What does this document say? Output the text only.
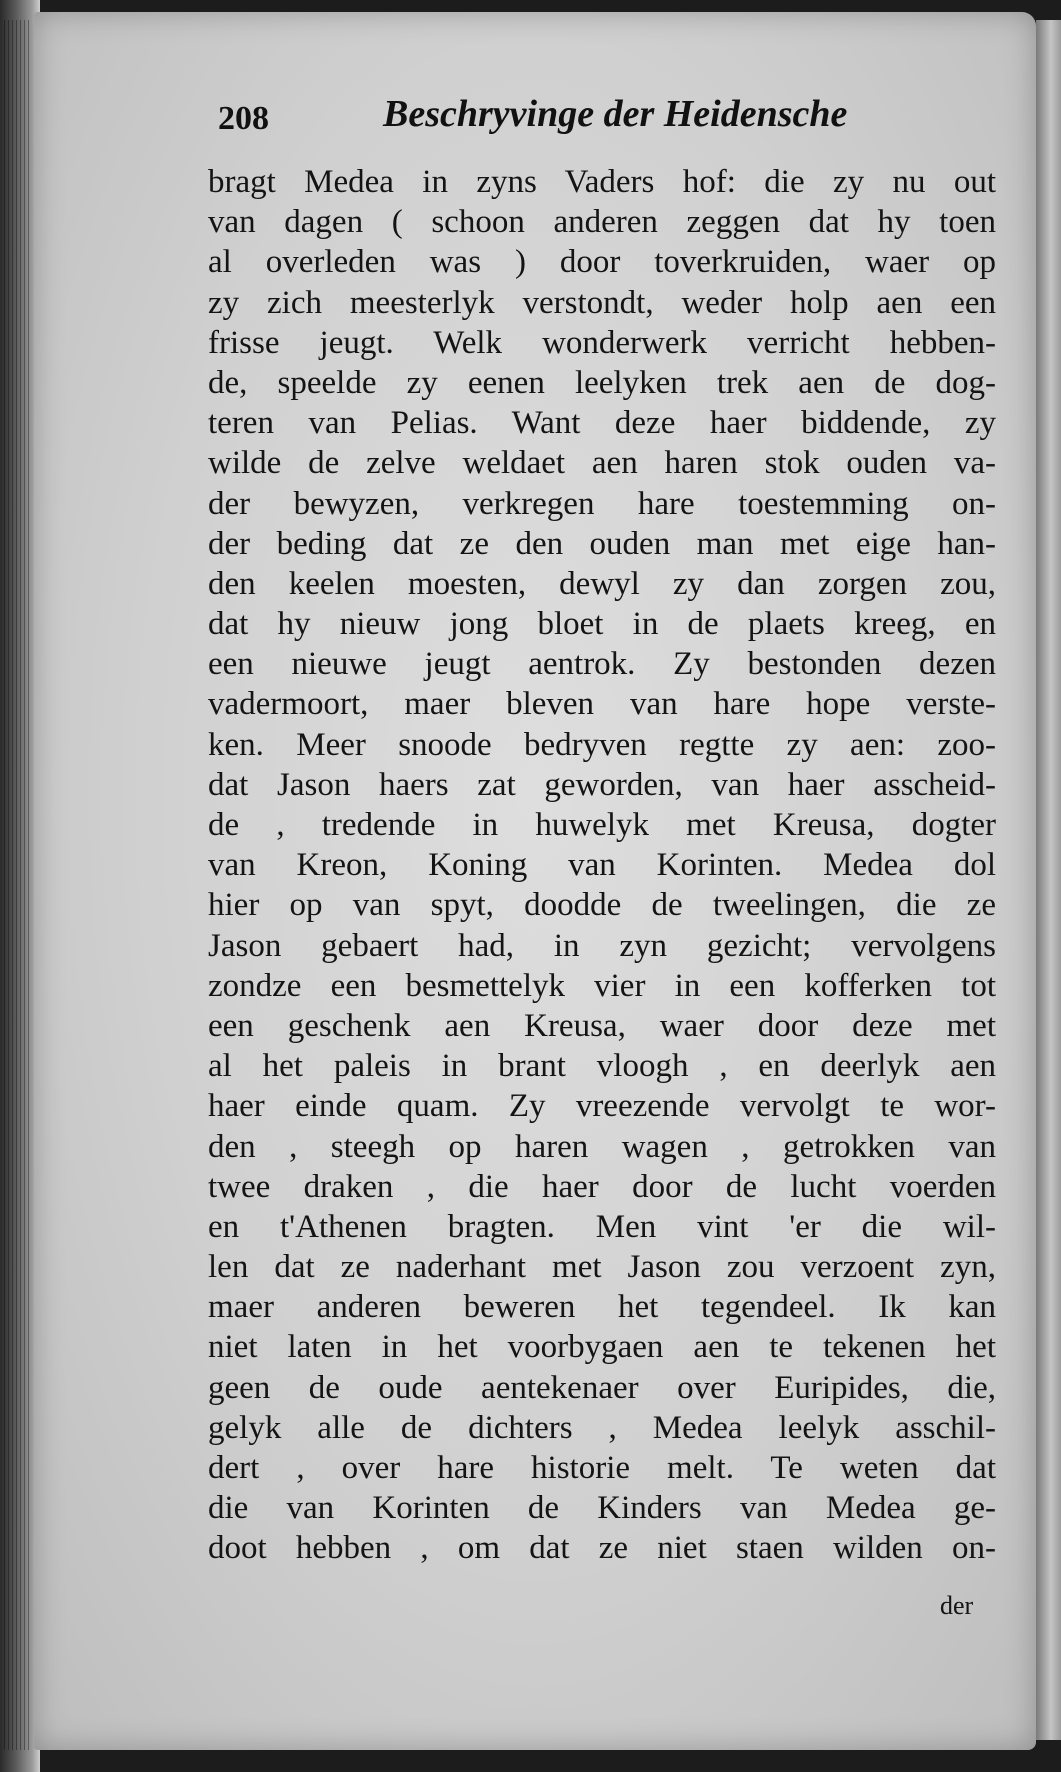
208	Beschryvinge der Heidensche
bragt Medea in zyns Vaders hof: die zy nu out
van dagen ( schoon anderen zeggen dat hy toen
al overleden was ) door toverkruiden, waer op
zy zich meesterlyk verstondt, weder holp aen een
frisse jeugt. Welk wonderwerk verricht hebben-
de, speelde zy eenen leelyken trek aen de dog-
teren van Pelias. Want deze haer biddende, zy
wilde de zelve weldaet aen haren stok ouden va-
der bewyzen, verkregen hare toestemming on-
der beding dat ze den ouden man met eige han-
den keelen moesten, dewyl zy dan zorgen zou,
dat hy nieuw jong bloet in de plaets kreeg, en
een nieuwe jeugt aentrok. Zy bestonden dezen
vadermoort, maer bleven van hare hope verste-
ken. Meer snoode bedryven regtte zy aen: zoo-
dat Jason haers zat geworden, van haer asscheid-
de , tredende in huwelyk met Kreusa, dogter
van Kreon, Koning van Korinten. Medea dol
hier op van spyt, doodde de tweelingen, die ze
Jason gebaert had, in zyn gezicht; vervolgens
zondze een besmettelyk vier in een kofferken tot
een geschenk aen Kreusa, waer door deze met
al het paleis in brant vloogh , en deerlyk aen
haer einde quam. Zy vreezende vervolgt te wor-
den , steegh op haren wagen , getrokken van
twee draken , die haer door de lucht voerden
en t'Athenen bragten. Men vint 'er die wil-
len dat ze naderhant met Jason zou verzoent zyn,
maer anderen beweren het tegendeel. Ik kan
niet laten in het voorbygaen aen te tekenen het
geen de oude aentekenaer over Euripides, die,
gelyk alle de dichters , Medea leelyk asschil-
dert , over hare historie melt. Te weten dat
die van Korinten de Kinders van Medea ge-
doot hebben , om dat ze niet staen wilden on-
der
